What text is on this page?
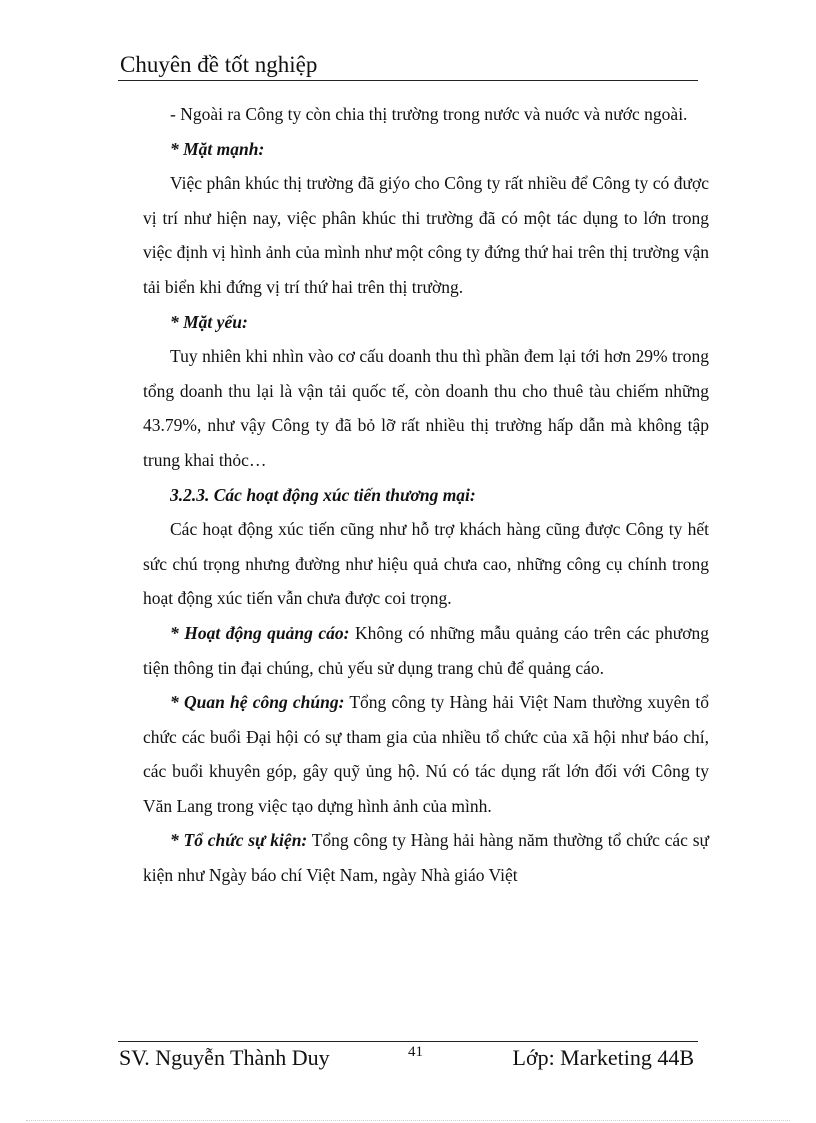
Chuyên đề tốt nghiệp

- Ngoài ra Công ty còn chia thị trường trong nước và nuớc và nước ngoài.

* Mặt mạnh:

Việc phân khúc thị trường đã giýo cho Công ty rất nhiều để Công ty có được vị trí như hiện nay, việc phân khúc thi trường đã có một tác dụng to lớn trong việc định vị hình ảnh của mình như một công ty đứng thứ hai trên thị trường vận tải biển khi đứng vị trí thứ hai trên thị trường.

* Mặt yếu:

Tuy nhiên khi nhìn vào cơ cấu doanh thu thì phần đem lại tới hơn 29% trong tổng doanh thu lại là vận tải quốc tế, còn doanh thu cho thuê tàu chiếm những 43.79%, như vậy Công ty đã bỏ lỡ rất nhiều thị trường hấp dẫn mà không tập trung khai thỏc…

3.2.3. Các hoạt động xúc tiến thương mại:

Các hoạt động xúc tiến cũng như hỗ trợ khách hàng cũng được Công ty hết sức chú trọng nhưng đường như hiệu quả chưa cao, những công cụ chính trong hoạt động xúc tiến vẫn chưa được coi trọng.

* Hoạt động quảng cáo: Không có những mẫu quảng cáo trên các phương tiện thông tin đại chúng, chủ yếu sử dụng trang chủ để quảng cáo.

* Quan hệ công chúng: Tổng công ty Hàng hải Việt Nam thường xuyên tổ chức các buổi Đại hội có sự tham gia của nhiều tổ chức của xã hội như báo chí, các buổi khuyên góp, gây quỹ ủng hộ. Nú có tác dụng rất lớn đối với Công ty Văn Lang trong việc tạo dựng hình ảnh của mình.

* Tổ chức sự kiện: Tổng công ty Hàng hải hàng năm thường tổ chức các sự kiện như Ngày báo chí Việt Nam, ngày Nhà giáo Việt

SV. Nguyễn Thành Duy	41	Lớp: Marketing 44B
